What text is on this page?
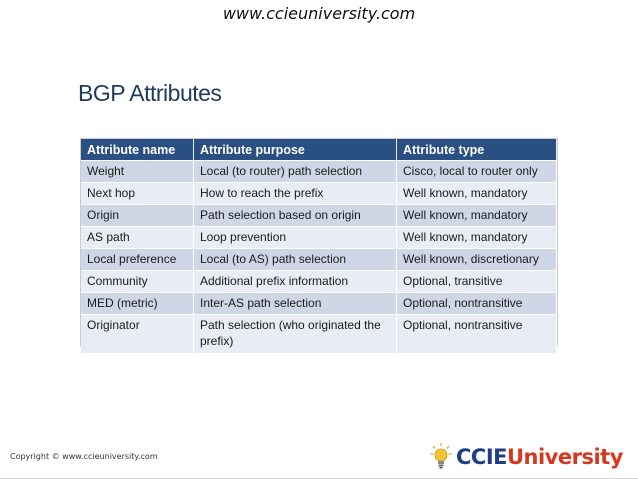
www.ccieuniversity.com
BGP Attributes
Attribute name	Attribute purpose	Attribute type
Weight	Local (to router) path selection	Cisco, local to router only
Next hop	How to reach the prefix	Well known, mandatory
Origin	Path selection based on origin	Well known, mandatory
AS path	Loop prevention	Well known, mandatory
Local preference	Local (to AS) path selection	Well known, discretionary
Community	Additional prefix information	Optional, transitive
MED (metric)	Inter-AS path selection	Optional, nontransitive
Originator	Path selection (who originated the prefix)	Optional, nontransitive
Copyright © www.ccieuniversity.com	CCIEUniversity
